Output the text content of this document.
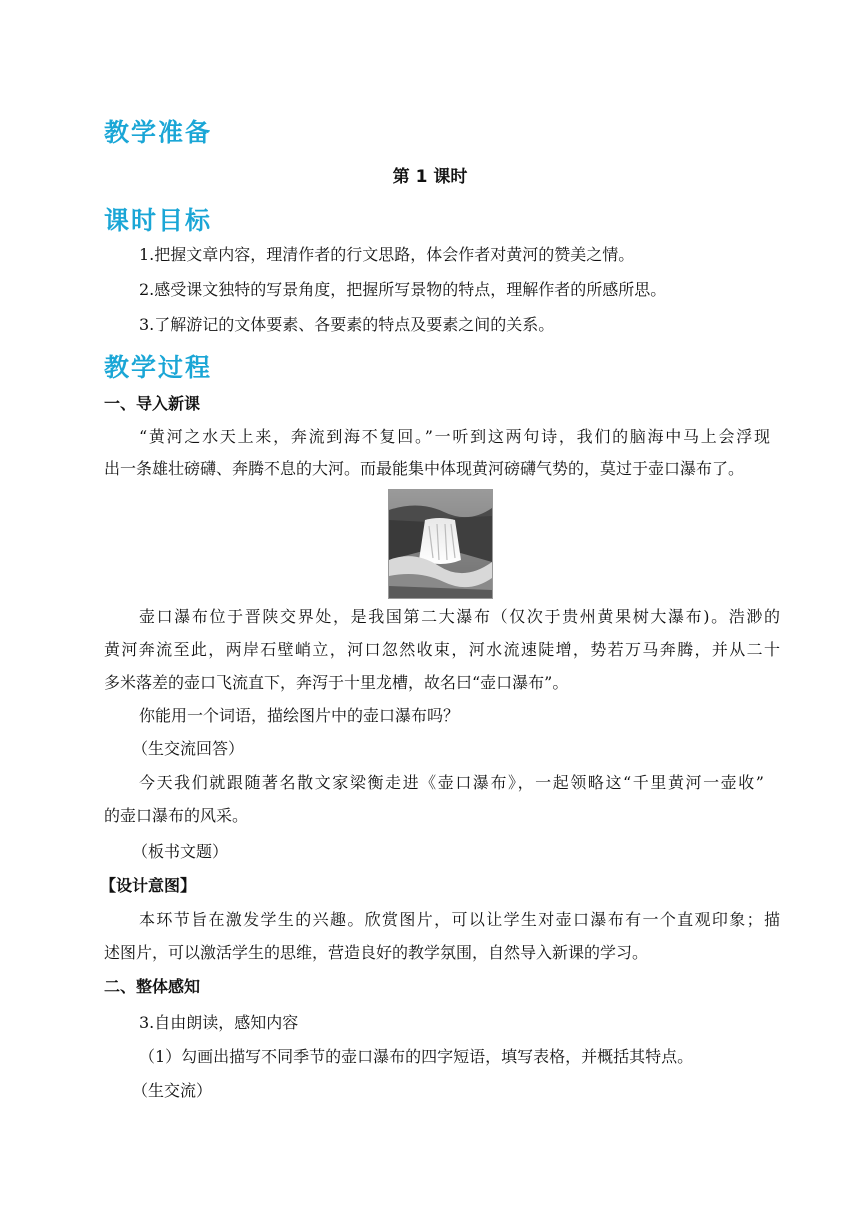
教学准备
第 1 课时
课时目标
1.把握文章内容，理清作者的行文思路，体会作者对黄河的赞美之情。
2.感受课文独特的写景角度，把握所写景物的特点，理解作者的所感所思。
3.了解游记的文体要素、各要素的特点及要素之间的关系。
教学过程
一、导入新课
“黄河之水天上来，奔流到海不复回。”一听到这两句诗，我们的脑海中马上会浮现
出一条雄壮磅礴、奔腾不息的大河。而最能集中体现黄河磅礴气势的，莫过于壶口瀑布了。
壶口瀑布位于晋陕交界处，是我国第二大瀑布（仅次于贵州黄果树大瀑布)。浩渺的
黄河奔流至此，两岸石壁峭立，河口忽然收束，河水流速陡增，势若万马奔腾，并从二十
多米落差的壶口飞流直下，奔泻于十里龙槽，故名曰“壶口瀑布”。
你能用一个词语，描绘图片中的壶口瀑布吗？
（生交流回答）
今天我们就跟随著名散文家梁衡走进《壶口瀑布》，一起领略这“千里黄河一壶收”
的壶口瀑布的风采。
（板书文题）
【设计意图】
本环节旨在激发学生的兴趣。欣赏图片，可以让学生对壶口瀑布有一个直观印象；描
述图片，可以激活学生的思维，营造良好的教学氛围，自然导入新课的学习。
二、整体感知
3.自由朗读，感知内容
（1）勾画出描写不同季节的壶口瀑布的四字短语，填写表格，并概括其特点。
（生交流）
